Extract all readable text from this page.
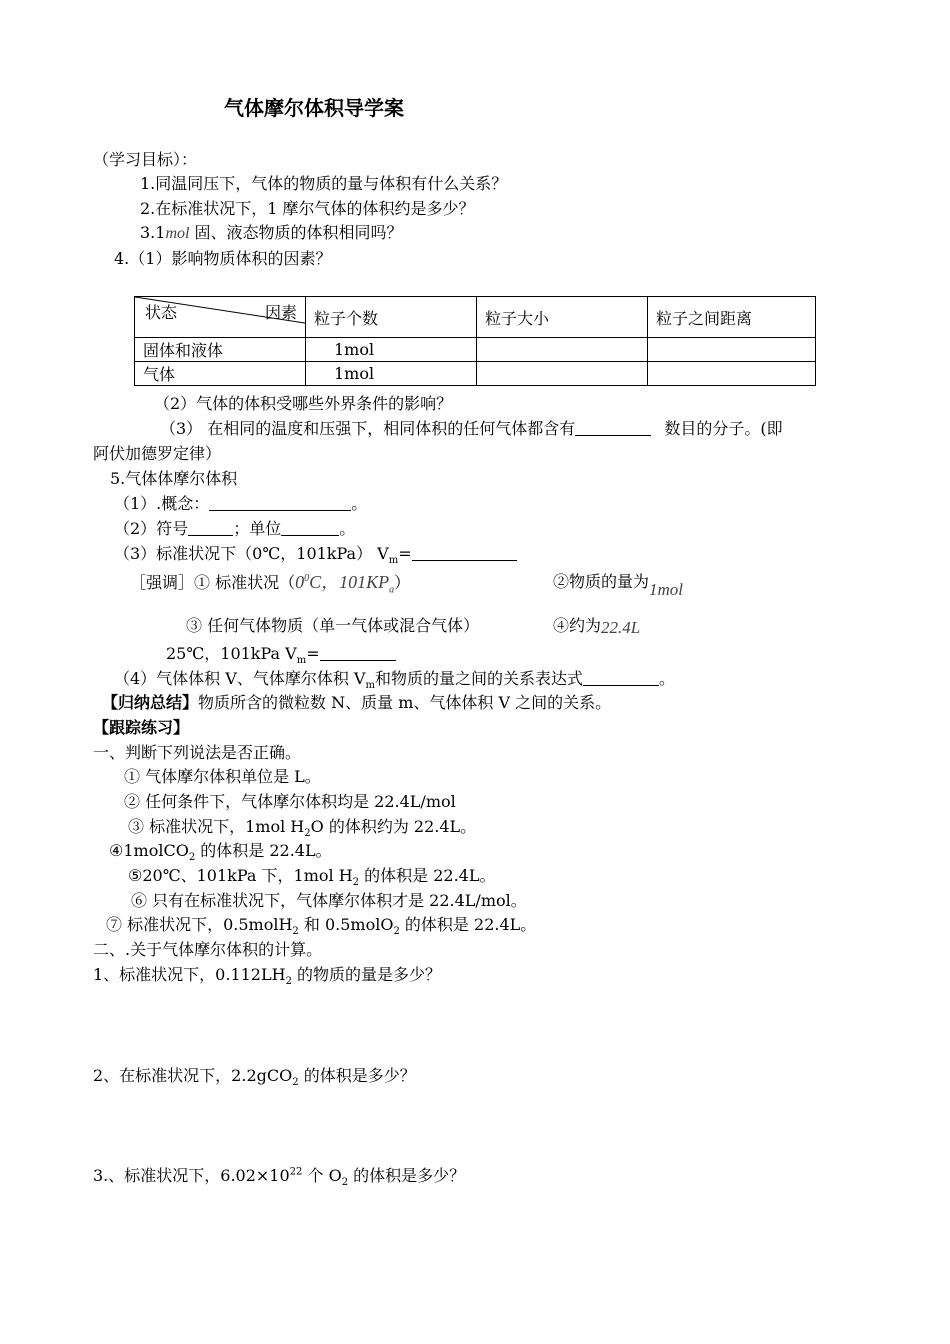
气体摩尔体积导学案
（学习目标）：
1.同温同压下，气体的物质的量与体积有什么关系？
2.在标准状况下，1 摩尔气体的体积约是多少？
3.1mol 固、液态物质的体积相同吗？
4.（1）影响物质体积的因素？
状态 因素	粒子个数	粒子大小	粒子之间距离
固体和液体	1mol		
气体	1mol		
（2）气体的体积受哪些外界条件的影响？
（3） 在相同的温度和压强下，相同体积的任何气体都含有	数目的分子。(即
阿伏加德罗定律）
5.气体体摩尔体积
（1）.概念：	。
（2）符号	；单位	。
（3）标准状况下（0℃，101kPa） $V_m=$
［强调］① 标准状况（$0^0C$，$101KP_a$）	②物质的量为1mol
③ 任何气体物质（单一气体或混合气体）	④约为22.4L
25℃，101kPa $V_m=$
（4）气体体积 V、气体摩尔体积 $V_m$和物质的量之间的关系表达式	。
【归纳总结】物质所含的微粒数 N、质量 m、气体体积 V 之间的关系。
【跟踪练习】
一、判断下列说法是否正确。
① 气体摩尔体积单位是 L。
② 任何条件下，气体摩尔体积均是 22.4L/mol
③ 标准状况下，1mol $H_2O$ 的体积约为 22.4L。
④1molCO$_2$ 的体积是 22.4L。
⑤20℃、101kPa 下，1mol $H_2$ 的体积是 22.4L。
⑥ 只有在标准状况下，气体摩尔体积才是 22.4L/mol。
⑦ 标准状况下，0.5molH$_2$ 和 0.5molO$_2$ 的体积是 22.4L。
二、.关于气体摩尔体积的计算。
1、标准状况下，$0.112LH_2$ 的物质的量是多少？
2、在标准状况下，2.2gCO$_2$ 的体积是多少？
3.、标准状况下，$6.02\times 10^{22}$ 个 $O_2$ 的体积是多少？
